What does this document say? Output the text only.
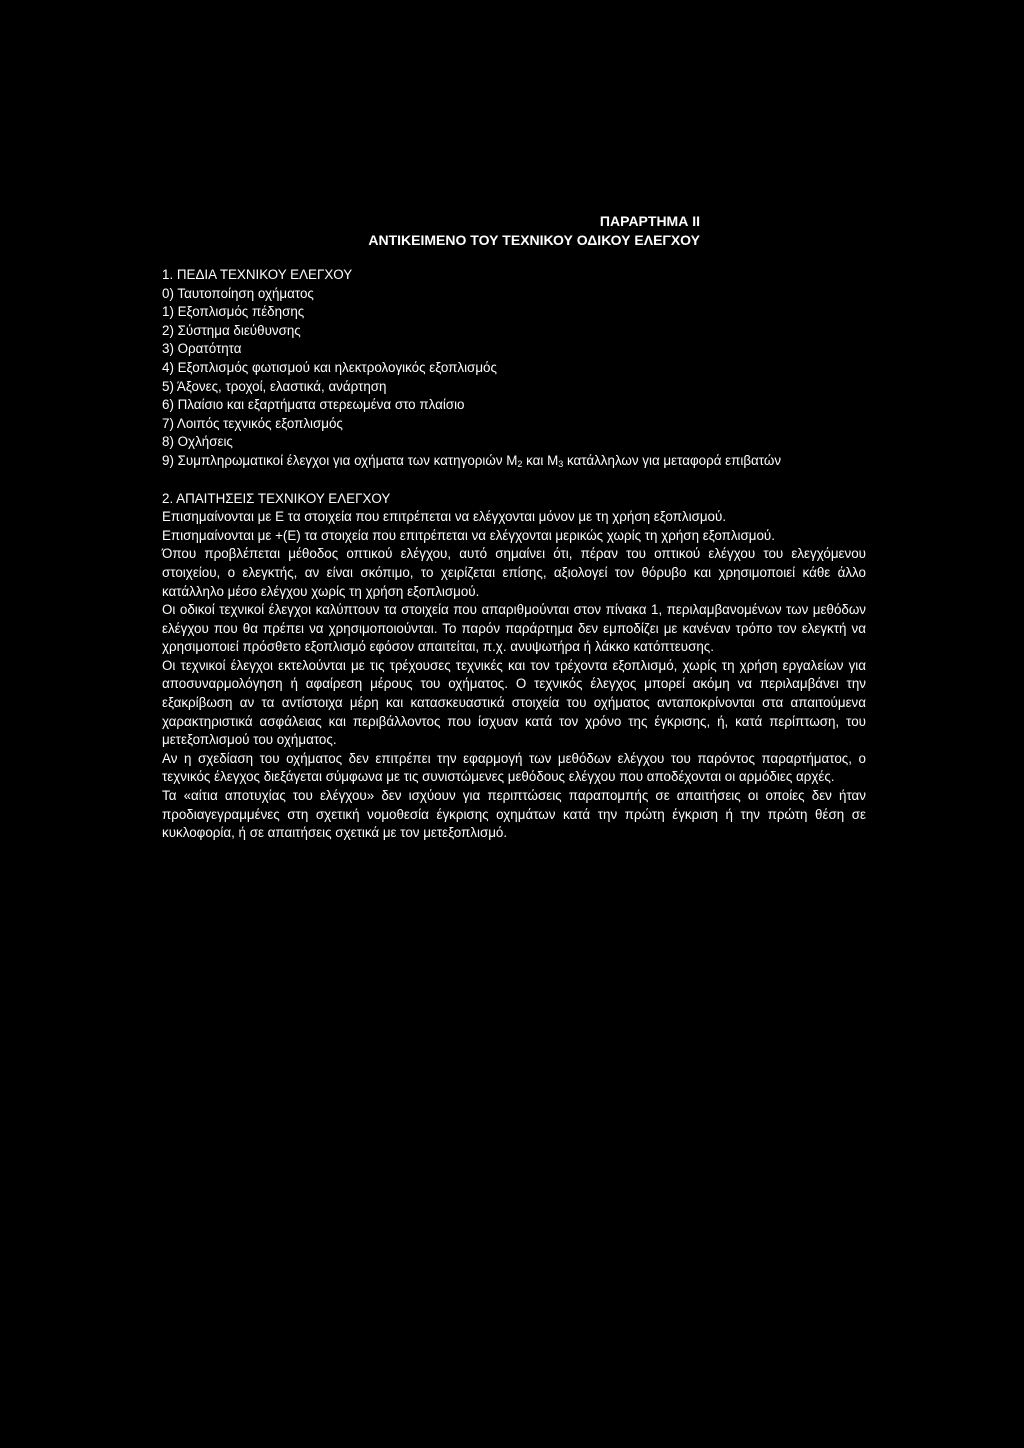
ΠΑΡΑΡΤΗΜΑ ΙΙ
ΑΝΤΙΚΕΙΜΕΝΟ ΤΟΥ ΤΕΧΝΙΚΟΥ ΟΔΙΚΟΥ ΕΛΕΓΧΟΥ
1. ΠΕΔΙΑ ΤΕΧΝΙΚΟΥ ΕΛΕΓΧΟΥ
0) Ταυτοποίηση οχήματος
1) Εξοπλισμός πέδησης
2) Σύστημα διεύθυνσης
3) Ορατότητα
4) Εξοπλισμός φωτισμού και ηλεκτρολογικός εξοπλισμός
5) Άξονες, τροχοί, ελαστικά, ανάρτηση
6) Πλαίσιο και εξαρτήματα στερεωμένα στο πλαίσιο
7) Λοιπός τεχνικός εξοπλισμός
8) Οχλήσεις
9) Συμπληρωματικοί έλεγχοι για οχήματα των κατηγοριών $M_2$ και $M_3$ κατάλληλων για μεταφορά επιβατών
2. ΑΠΑΙΤΗΣΕΙΣ ΤΕΧΝΙΚΟΥ ΕΛΕΓΧΟΥ
Επισημαίνονται με E τα στοιχεία που επιτρέπεται να ελέγχονται μόνον με τη χρήση εξοπλισμού.
Επισημαίνονται με +(E) τα στοιχεία που επιτρέπεται να ελέγχονται μερικώς χωρίς τη χρήση εξοπλισμού.
Όπου προβλέπεται μέθοδος οπτικού ελέγχου, αυτό σημαίνει ότι, πέραν του οπτικού ελέγχου του ελεγχόμενου στοιχείου, ο ελεγκτής, αν είναι σκόπιμο, το χειρίζεται επίσης, αξιολογεί τον θόρυβο και χρησιμοποιεί κάθε άλλο κατάλληλο μέσο ελέγχου χωρίς τη χρήση εξοπλισμού.
Οι οδικοί τεχνικοί έλεγχοι καλύπτουν τα στοιχεία που απαριθμούνται στον πίνακα 1, περιλαμβανομένων των μεθόδων ελέγχου που θα πρέπει να χρησιμοποιούνται. Το παρόν παράρτημα δεν εμποδίζει με κανέναν τρόπο τον ελεγκτή να χρησιμοποιεί πρόσθετο εξοπλισμό εφόσον απαιτείται, π.χ. ανυψωτήρα ή λάκκο κατόπτευσης.
Οι τεχνικοί έλεγχοι εκτελούνται με τις τρέχουσες τεχνικές και τον τρέχοντα εξοπλισμό, χωρίς τη χρήση εργαλείων για αποσυναρμολόγηση ή αφαίρεση μέρους του οχήματος. Ο τεχνικός έλεγχος μπορεί ακόμη να περιλαμβάνει την εξακρίβωση αν τα αντίστοιχα μέρη και κατασκευαστικά στοιχεία του οχήματος ανταποκρίνονται στα απαιτούμενα χαρακτηριστικά ασφάλειας και περιβάλλοντος που ίσχυαν κατά τον χρόνο της έγκρισης, ή, κατά περίπτωση, του μετεξοπλισμού του οχήματος.
Αν η σχεδίαση του οχήματος δεν επιτρέπει την εφαρμογή των μεθόδων ελέγχου του παρόντος παραρτήματος, ο τεχνικός έλεγχος διεξάγεται σύμφωνα με τις συνιστώμενες μεθόδους ελέγχου που αποδέχονται οι αρμόδιες αρχές.
Τα «αίτια αποτυχίας του ελέγχου» δεν ισχύουν για περιπτώσεις παραπομπής σε απαιτήσεις οι οποίες δεν ήταν προδιαγεγραμμένες στη σχετική νομοθεσία έγκρισης οχημάτων κατά την πρώτη έγκριση ή την πρώτη θέση σε κυκλοφορία, ή σε απαιτήσεις σχετικά με τον μετεξοπλισμό.
